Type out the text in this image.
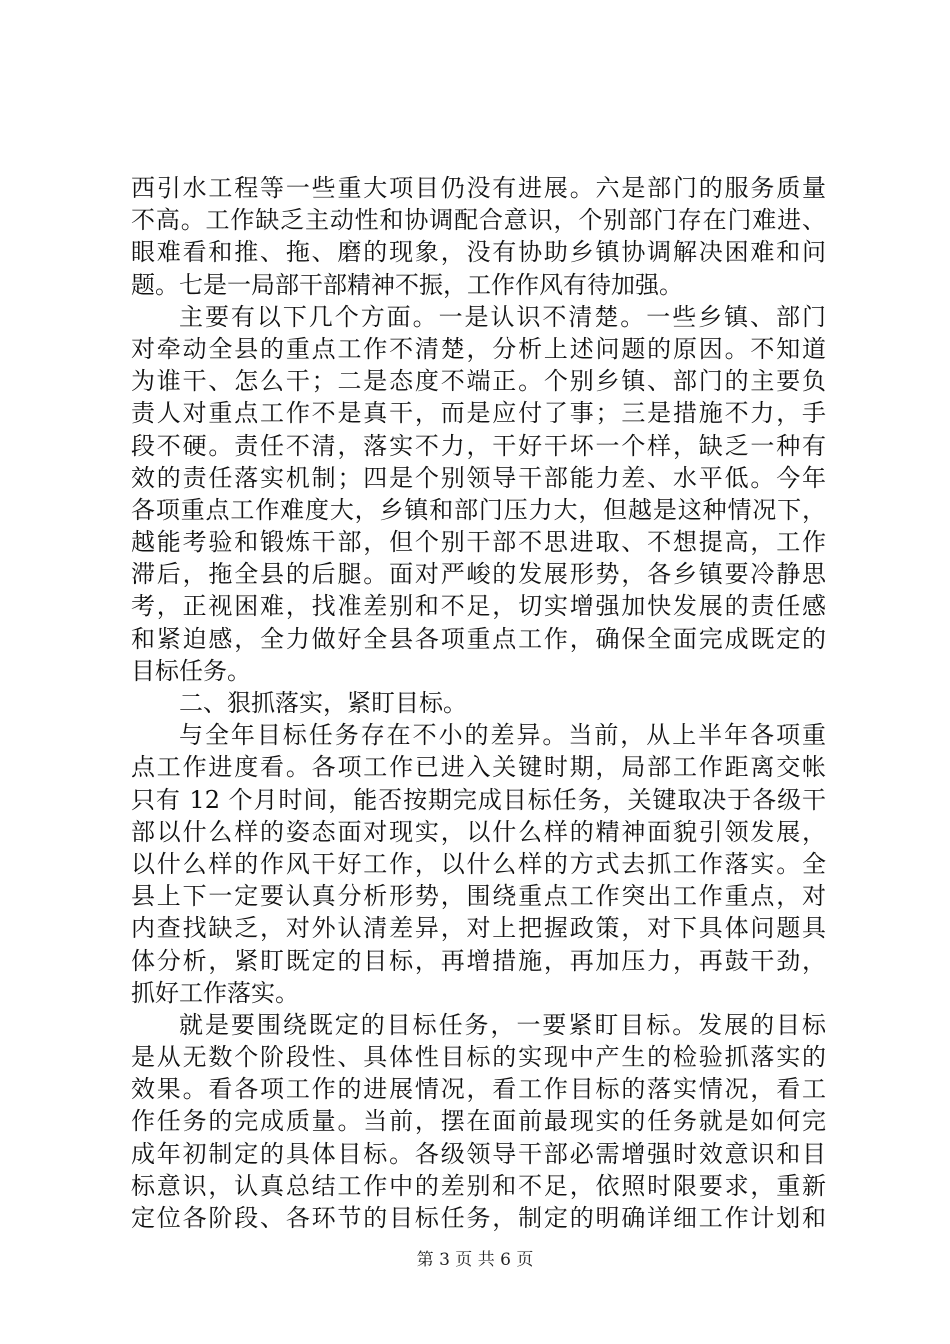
西引水工程等一些重大项目仍没有进展。六是部门的服务质量
不高。工作缺乏主动性和协调配合意识，个别部门存在门难进、
眼难看和推、拖、磨的现象，没有协助乡镇协调解决困难和问
题。七是一局部干部精神不振，工作作风有待加强。
主要有以下几个方面。一是认识不清楚。一些乡镇、部门
对牵动全县的重点工作不清楚，分析上述问题的原因。不知道
为谁干、怎么干；二是态度不端正。个别乡镇、部门的主要负
责人对重点工作不是真干，而是应付了事；三是措施不力，手
段不硬。责任不清，落实不力，干好干坏一个样，缺乏一种有
效的责任落实机制；四是个别领导干部能力差、水平低。今年
各项重点工作难度大，乡镇和部门压力大，但越是这种情况下，
越能考验和锻炼干部，但个别干部不思进取、不想提高，工作
滞后，拖全县的后腿。面对严峻的发展形势，各乡镇要冷静思
考，正视困难，找准差别和不足，切实增强加快发展的责任感
和紧迫感，全力做好全县各项重点工作，确保全面完成既定的
目标任务。
二、狠抓落实，紧盯目标。
与全年目标任务存在不小的差异。当前，从上半年各项重
点工作进度看。各项工作已进入关键时期，局部工作距离交帐
只有 12 个月时间，能否按期完成目标任务，关键取决于各级干
部以什么样的姿态面对现实，以什么样的精神面貌引领发展，
以什么样的作风干好工作，以什么样的方式去抓工作落实。全
县上下一定要认真分析形势，围绕重点工作突出工作重点，对
内查找缺乏，对外认清差异，对上把握政策，对下具体问题具
体分析，紧盯既定的目标，再增措施，再加压力，再鼓干劲，
抓好工作落实。
就是要围绕既定的目标任务，一要紧盯目标。发展的目标
是从无数个阶段性、具体性目标的实现中产生的检验抓落实的
效果。看各项工作的进展情况，看工作目标的落实情况，看工
作任务的完成质量。当前，摆在面前最现实的任务就是如何完
成年初制定的具体目标。各级领导干部必需增强时效意识和目
标意识，认真总结工作中的差别和不足，依照时限要求，重新
定位各阶段、各环节的目标任务，制定的明确详细工作计划和
第 3 页 共 6 页
